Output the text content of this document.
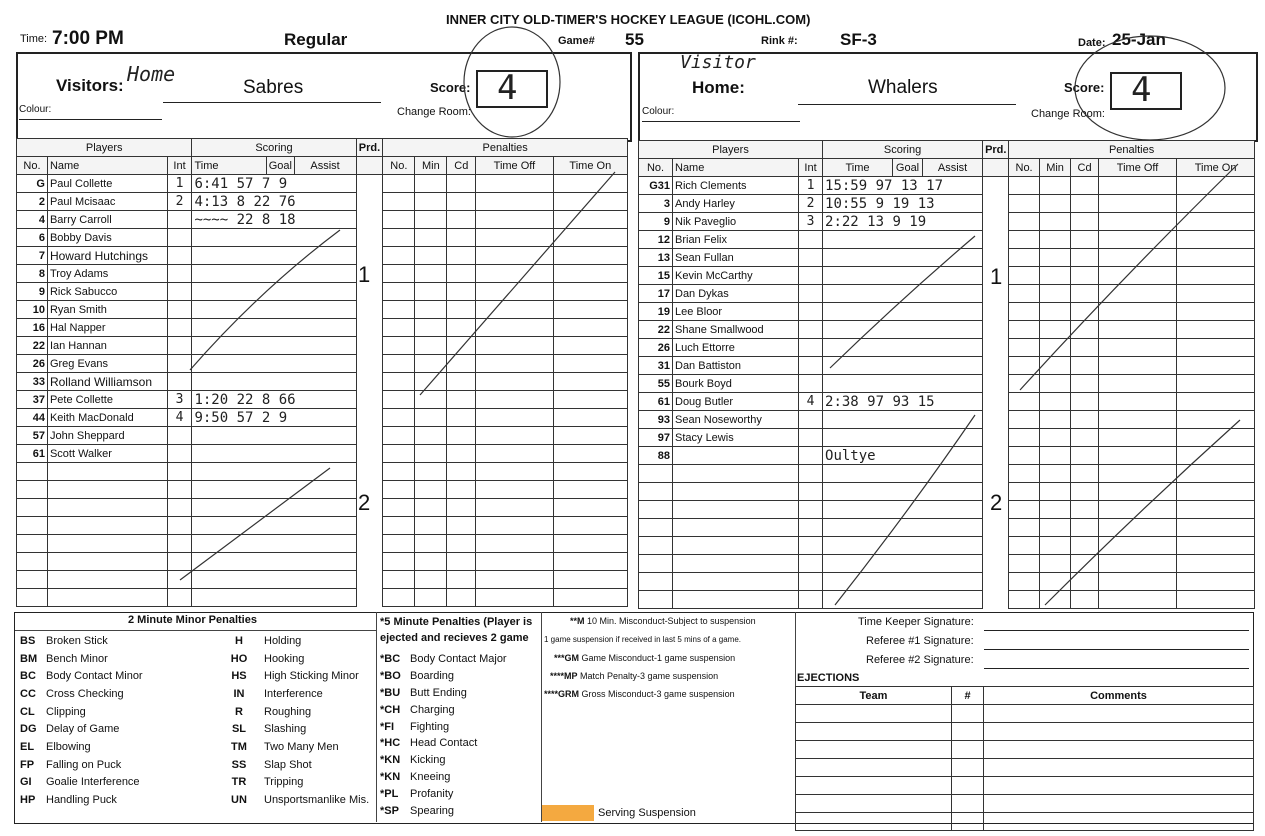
INNER CITY OLD-TIMER'S HOCKEY LEAGUE (ICOHL.COM)
Time: 7:00 PM	Regular	Game# 55	Rink #: SF-3	Date: 25-Jan
Visitors: Home
Sabres
Colour:
Score: 4
Change Room:
Visitor
Home:	Whalers
Colour:
Score: 4
Change Room:
Players			Scoring			Prd.	Penalties				
No.	Name	Int	Time	Goal	Assist		No.	Min	Cd	Time Off	Time On
G	Paul Collette	1	6:41 57 7 9								
2	Paul Mcisaac	2	4:13 8 22 76								
4	Barry Carroll		~~~~ 22 8 18								
6	Bobby Davis										
7	Howard Hutchings										
8	Troy Adams										
9	Rick Sabucco										
10	Ryan Smith										
16	Hal Napper										
22	Ian Hannan										
26	Greg Evans										
33	Rolland Williamson										
37	Pete Collette	3	1:20 22 8 66								
44	Keith MacDonald	4	9:50 57 2 9								
57	John Sheppard										
61	Scott Walker										

1
2
Players			Scoring			Prd.	Penalties				
No.	Name	Int	Time	Goal	Assist		No.	Min	Cd	Time Off	Time On
G31	Rich Clements	1	15:59 97 13 17								
3	Andy Harley	2	10:55 9 19 13								
9	Nik Paveglio	3	2:22 13 9 19								
12	Brian Felix										
13	Sean Fullan										
15	Kevin McCarthy										
17	Dan Dykas										
19	Lee Bloor										
22	Shane Smallwood										
26	Luch Ettorre										
31	Dan Battiston										
55	Bourk Boyd										
61	Doug Butler	4	2:38 97 93 15								
93	Sean Noseworthy										
97	Stacy Lewis										
88			Oultye								

1
2
2 Minute Minor Penalties
BS Broken Stick	H	Holding
BM Bench Minor	HO	Hooking
BC Body Contact Minor	HS	High Sticking Minor
CC Cross Checking	IN	Interference
CL	Clipping	R	Roughing
DG Delay of Game	SL	Slashing
EL	Elbowing	TM	Two Many Men
FP	Falling on Puck	SS	Slap Shot
GI	Goalie Interference	TR	Tripping
HP Handling Puck	UN	Unsportsmanlike Mis.
*5 Minute Penalties (Player is ejected and recieves 2 game
*BC Body Contact Major
*BO Boarding
*BU Butt Ending
*CH Charging
*FI	Fighting
*HC Head Contact
*KN Kicking
*KN Kneeing
*PL	Profanity
*SP	Spearing
**M 10 Min. Misconduct-Subject to suspension
1 game suspension if received in last 5 mins of a game.
***GM Game Misconduct-1 game suspension
****MP Match Penalty-3 game suspension
****GRM Gross Misconduct-3 game suspension
Serving Suspension
Time Keeper Signature:
Referee #1 Signature:
Referee #2 Signature:
EJECTIONS
Team	#	Comments
